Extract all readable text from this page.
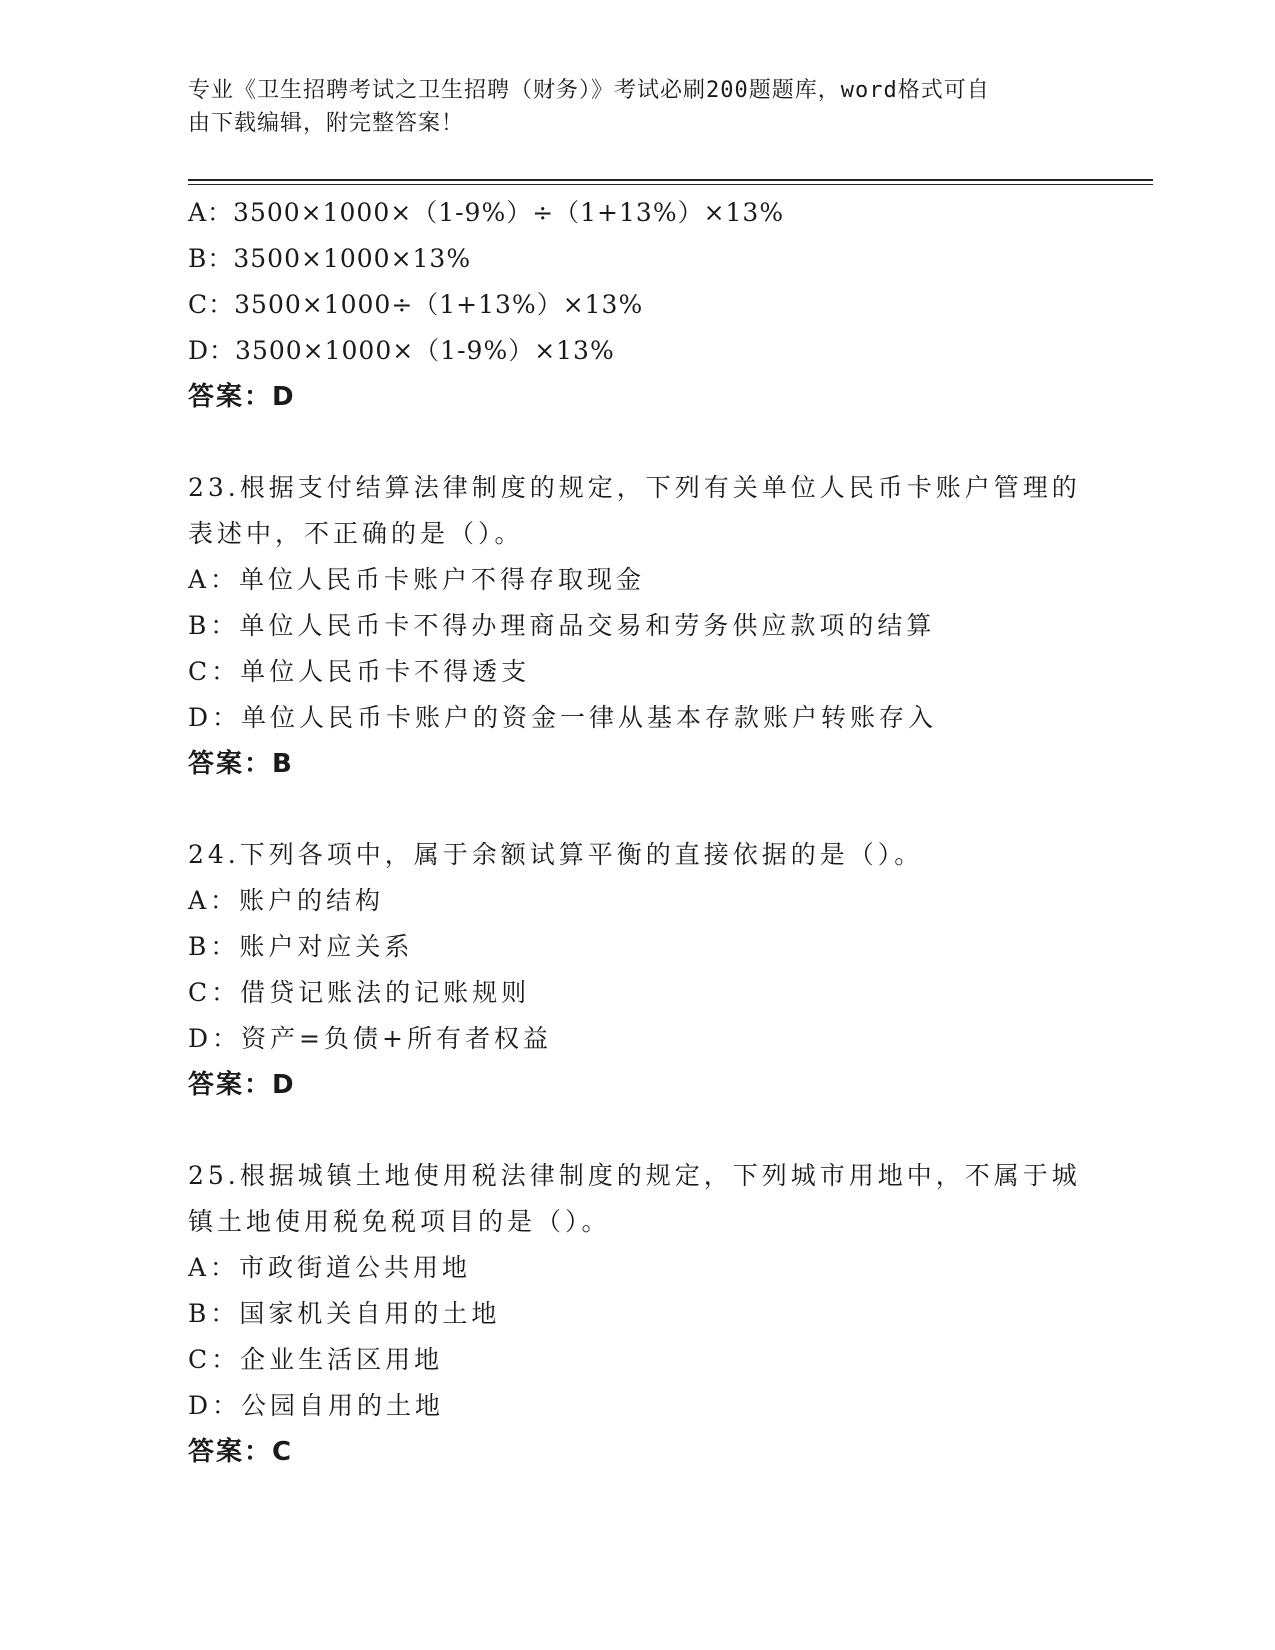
专业《卫生招聘考试之卫生招聘（财务）》考试必刷200题题库，word格式可自
由下载编辑，附完整答案！
A：3500×1000×（1-9%）÷（1+13%）×13%
B：3500×1000×13%
C：3500×1000÷（1+13%）×13%
D：3500×1000×（1-9%）×13%
答案：D
23.根据支付结算法律制度的规定，下列有关单位人民币卡账户管理的
表述中，不正确的是（）。
A：单位人民币卡账户不得存取现金
B：单位人民币卡不得办理商品交易和劳务供应款项的结算
C：单位人民币卡不得透支
D：单位人民币卡账户的资金一律从基本存款账户转账存入
答案：B
24.下列各项中，属于余额试算平衡的直接依据的是（）。
A：账户的结构
B：账户对应关系
C：借贷记账法的记账规则
D：资产=负债+所有者权益
答案：D
25.根据城镇土地使用税法律制度的规定，下列城市用地中，不属于城
镇土地使用税免税项目的是（）。
A：市政街道公共用地
B：国家机关自用的土地
C：企业生活区用地
D：公园自用的土地
答案：C
